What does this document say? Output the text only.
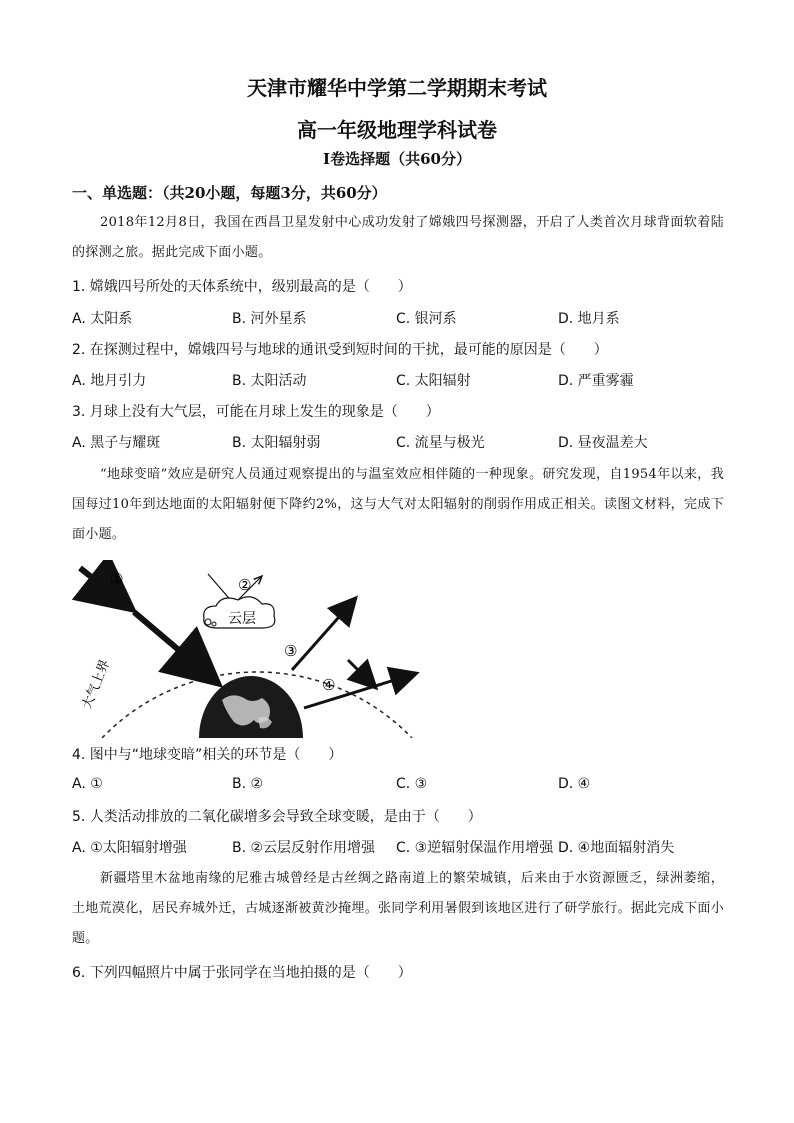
天津市耀华中学第二学期期末考试
高一年级地理学科试卷
Ⅰ卷选择题（共60分）
一、单选题：（共20小题，每题3分，共60分）
2018年12月8日，我国在西昌卫星发射中心成功发射了嫦娥四号探测器，开启了人类首次月球背面软着陆的探测之旅。据此完成下面小题。
1. 嫦娥四号所处的天体系统中，级别最高的是（　　）
A. 太阳系	B. 河外星系	C. 银河系	D. 地月系
2. 在探测过程中，嫦娥四号与地球的通讯受到短时间的干扰，最可能的原因是（　　）
A. 地月引力	B. 太阳活动	C. 太阳辐射	D. 严重雾霾
3. 月球上没有大气层，可能在月球上发生的现象是（　　）
A. 黑子与耀斑	B. 太阳辐射弱	C. 流星与极光	D. 昼夜温差大
“地球变暗”效应是研究人员通过观察提出的与温室效应相伴随的一种现象。研究发现，自1954年以来，我国每过10年到达地面的太阳辐射便下降约2%，这与大气对太阳辐射的削弱作用成正相关。读图文材料，完成下面小题。
①	②
③
④
云层
大气上界
4. 图中与“地球变暗”相关的环节是（　　）
A. ①	B. ②	C. ③	D. ④
5. 人类活动排放的二氧化碳增多会导致全球变暖，是由于（　　）
A. ①太阳辐射增强	B. ②云层反射作用增强 C. ③逆辐射保温作用增强 D. ④地面辐射消失
新疆塔里木盆地南缘的尼雅古城曾经是古丝绸之路南道上的繁荣城镇，后来由于水资源匮乏，绿洲萎缩，土地荒漠化，居民弃城外迁，古城逐渐被黄沙掩埋。张同学利用暑假到该地区进行了研学旅行。据此完成下面小题。
6. 下列四幅照片中属于张同学在当地拍摄的是（　　）
